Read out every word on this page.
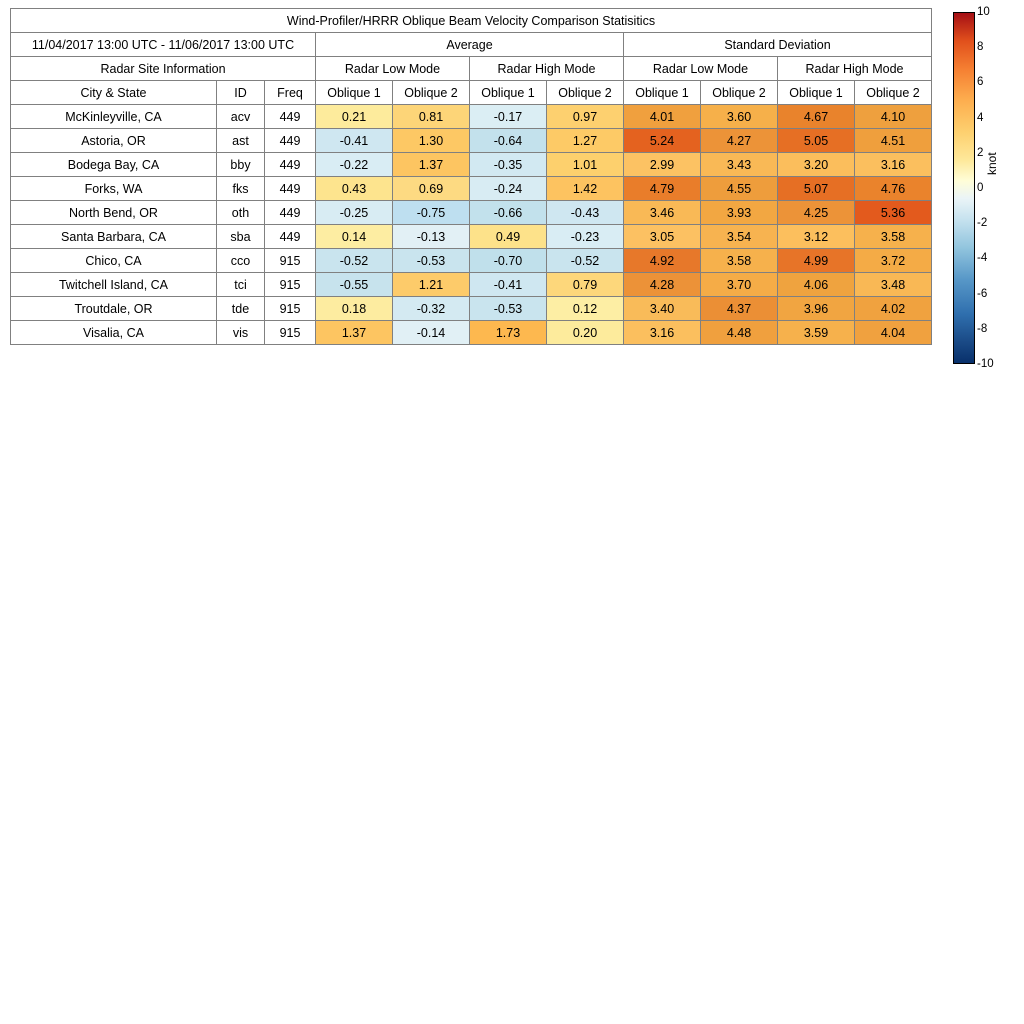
Wind-Profiler/HRRR Oblique Beam Velocity Comparison Statisitics										
11/04/2017 13:00 UTC - 11/06/2017 13:00 UTC			Average				Standard Deviation			
Radar Site Information			Radar Low Mode		Radar High Mode		Radar Low Mode		Radar High Mode	
City & State	ID	Freq	Oblique 1	Oblique 2	Oblique 1	Oblique 2	Oblique 1	Oblique 2	Oblique 1	Oblique 2
McKinleyville, CA	acv	449	0.21	0.81	-0.17	0.97	4.01	3.60	4.67	4.10
Astoria, OR	ast	449	-0.41	1.30	-0.64	1.27	5.24	4.27	5.05	4.51
Bodega Bay, CA	bby	449	-0.22	1.37	-0.35	1.01	2.99	3.43	3.20	3.16
Forks, WA	fks	449	0.43	0.69	-0.24	1.42	4.79	4.55	5.07	4.76
North Bend, OR	oth	449	-0.25	-0.75	-0.66	-0.43	3.46	3.93	4.25	5.36
Santa Barbara, CA	sba	449	0.14	-0.13	0.49	-0.23	3.05	3.54	3.12	3.58
Chico, CA	cco	915	-0.52	-0.53	-0.70	-0.52	4.92	3.58	4.99	3.72
Twitchell Island, CA	tci	915	-0.55	1.21	-0.41	0.79	4.28	3.70	4.06	3.48
Troutdale, OR	tde	915	0.18	-0.32	-0.53	0.12	3.40	4.37	3.96	4.02
Visalia, CA	vis	915	1.37	-0.14	1.73	0.20	3.16	4.48	3.59	4.04
10
8
6
4
2
0
-2
-4
-6
-8
-10
knot
